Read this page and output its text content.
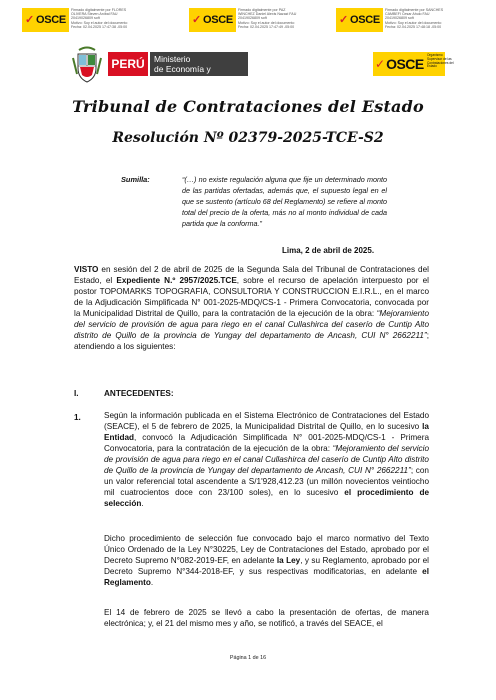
✓ OSCE
Firmado digitalmente por FLORES
OLIVERA Steven Aníbal FAU
20419026809 soft
Motivo: Soy el autor del documento
Fecha: 02.04.2025 17:47:38 -05:00
✓ OSCE
Firmado digitalmente por PAZ
WINCHEZ Daniel Alexis Nazazi FAU
20419026809 soft
Motivo: Soy el autor del documento
Fecha: 02.04.2025 17:47:49 -05:00
✓ OSCE
Firmado digitalmente por SANCHES
CAMBEFI Cesar Ahulo FAU
20419026809 soft
Motivo: Soy el autor del documento
Fecha: 02.04.2025 17:48:18 -05:00
PERÚ	Ministerio
de Economía y Finanzas
✓ OSCE
Organismo Supervisor de las Contrataciones del Estado
Tribunal de Contrataciones del Estado
Resolución Nº 02379-2025-TCE-S2
Sumilla:	“(…) no existe regulación alguna que fije un determinado monto de las partidas ofertadas, además que, el supuesto legal en el que se sustento (artículo 68 del Reglamento) se refiere al monto total del precio de la oferta, más no al monto individual de cada partida que la conforma.”
Lima, 2 de abril de 2025.
VISTO en sesión del 2 de abril de 2025 de la Segunda Sala del Tribunal de Contrataciones del Estado, el Expediente N.º 2957/2025.TCE, sobre el recurso de apelación interpuesto por el postor TOPOMARKS TOPOGRAFIA, CONSULTORIA Y CONSTRUCCION E.I.R.L., en el marco de la Adjudicación Simplificada N° 001-2025-MDQ/CS-1 - Primera Convocatoria, convocada por la Municipalidad Distrital de Quillo, para la contratación de la ejecución de la obra: “Mejoramiento del servicio de provisión de agua para riego en el canal Cullashirca del caserío de Cuntip Alto distrito de Quillo de la provincia de Yungay del departamento de Ancash, CUI N° 2662211”; atendiendo a los siguientes:
I.	ANTECEDENTES:
1.	Según la información publicada en el Sistema Electrónico de Contrataciones del Estado (SEACE), el 5 de febrero de 2025, la Municipalidad Distrital de Quillo, en lo sucesivo la Entidad, convocó la Adjudicación Simplificada N° 001-2025-MDQ/CS-1 - Primera Convocatoria, para la contratación de la ejecución de la obra: “Mejoramiento del servicio de provisión de agua para riego en el canal Cullashirca del caserío de Cuntip Alto distrito de Quillo de la provincia de Yungay del departamento de Ancash, CUI N° 2662211”; con un valor referencial total ascendente a S/1'928,412.23 (un millón novecientos veintiocho mil cuatrocientos doce con 23/100 soles), en lo sucesivo el procedimiento de selección.
Dicho procedimiento de selección fue convocado bajo el marco normativo del Texto Único Ordenado de la Ley N°30225, Ley de Contrataciones del Estado, aprobado por el Decreto Supremo N°082-2019-EF, en adelante la Ley, y su Reglamento, aprobado por el Decreto Supremo N°344-2018-EF, y sus respectivas modificatorias, en adelante el Reglamento.
El 14 de febrero de 2025 se llevó a cabo la presentación de ofertas, de manera electrónica; y, el 21 del mismo mes y año, se notificó, a través del SEACE, el
Página 1 de 16
